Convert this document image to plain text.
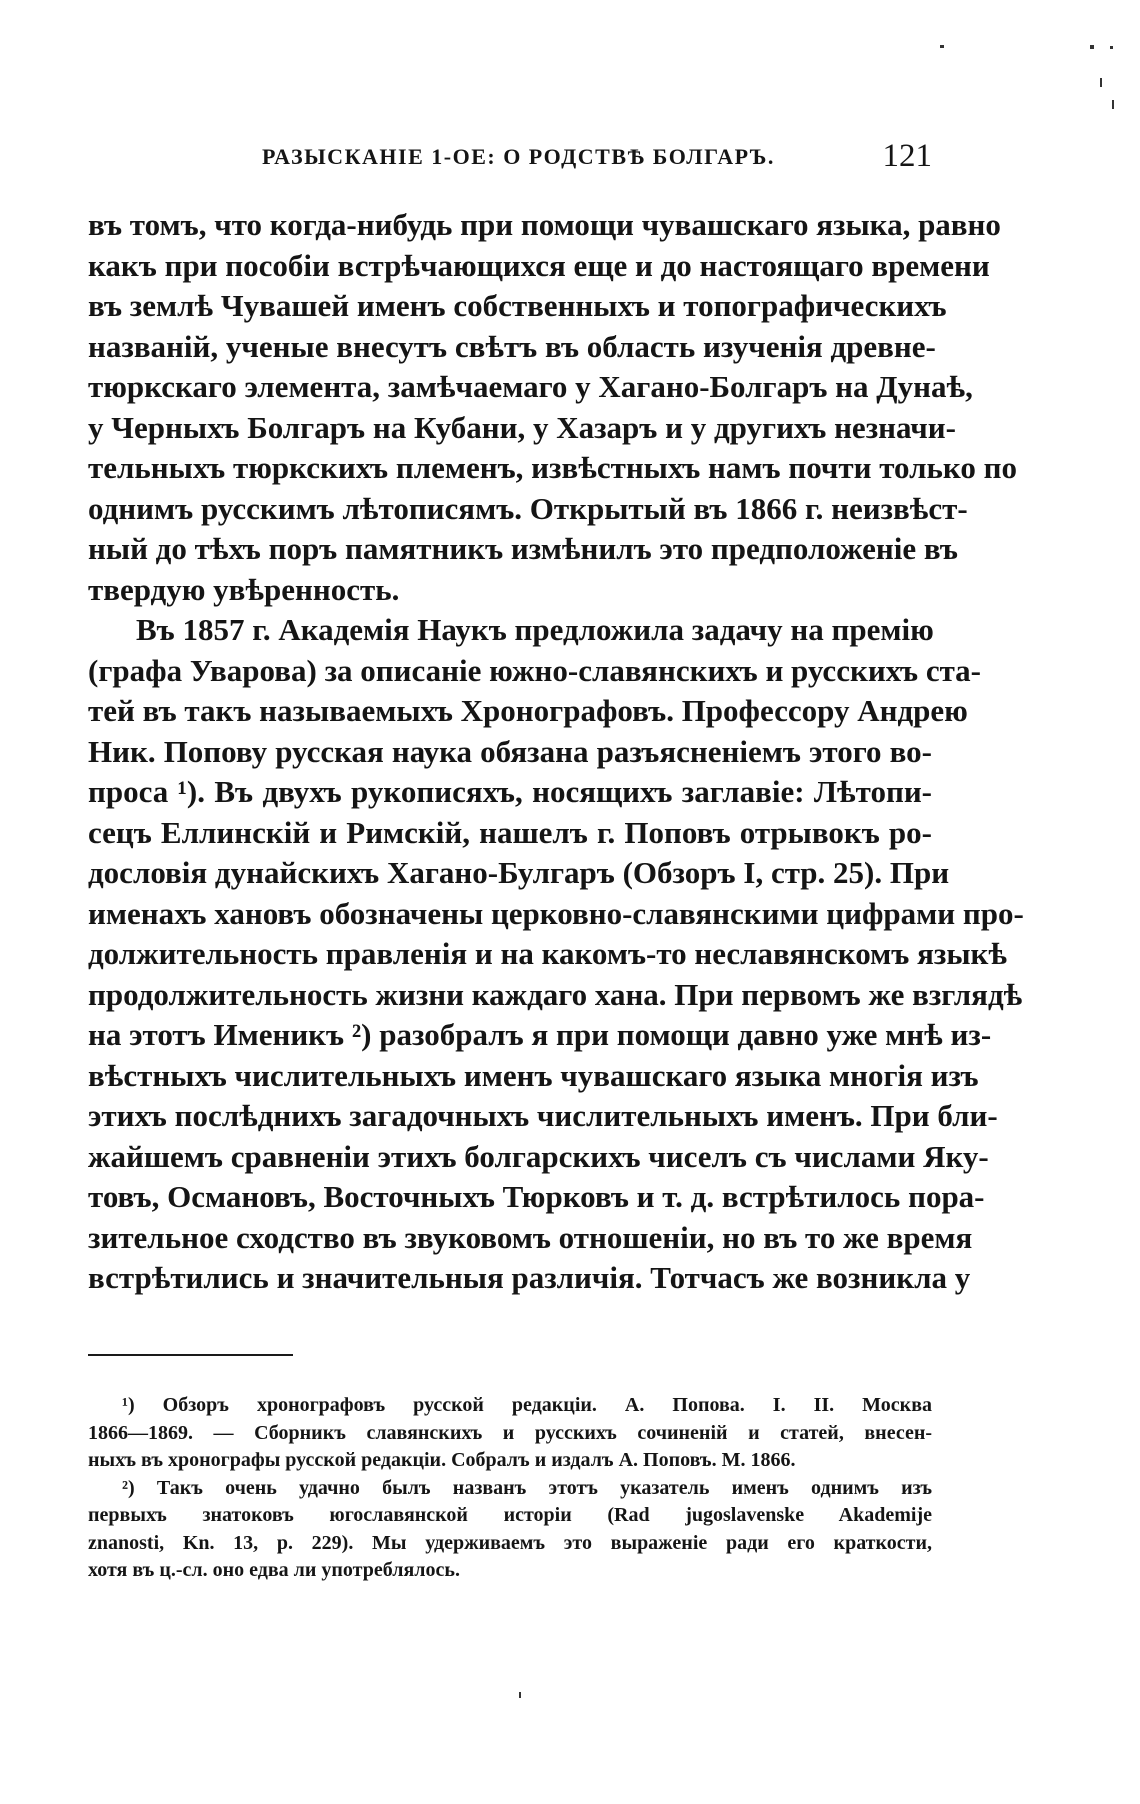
РАЗЫСКАНІЕ 1-ОЕ: О РОДСТВѢ БОЛГАРЪ.	121
въ томъ, что когда-нибудь при помощи чувашскаго языка, равно
какъ при пособіи встрѣчающихся еще и до настоящаго времени
въ землѣ Чувашей именъ собственныхъ и топографическихъ
названій, ученые внесутъ свѣтъ въ область изученія древне-
тюркскаго элемента, замѣчаемаго у Хагано-Болгаръ на Дунаѣ,
у Черныхъ Болгаръ на Кубани, у Хазаръ и у другихъ незначи-
тельныхъ тюркскихъ племенъ, извѣстныхъ намъ почти только по
однимъ русскимъ лѣтописямъ. Открытый въ 1866 г. неизвѣст-
ный до тѣхъ поръ памятникъ измѣнилъ это предположеніе въ
твердую увѣренность.
Въ 1857 г. Академія Наукъ предложила задачу на премію
(графа Уварова) за описаніе южно-славянскихъ и русскихъ ста-
тей въ такъ называемыхъ Хронографовъ. Профессору Андрею
Ник. Попову русская наука обязана разъясненіемъ этого во-
проса ¹). Въ двухъ рукописяхъ, носящихъ заглавіе: Лѣтопи-
сецъ Еллинскій и Римскій, нашелъ г. Поповъ отрывокъ ро-
дословія дунайскихъ Хагано-Булгаръ (Обзоръ I, стр. 25). При
именахъ хановъ обозначены церковно-славянскими цифрами про-
должительность правленія и на какомъ-то неславянскомъ языкѣ
продолжительность жизни каждаго хана. При первомъ же взглядѣ
на этотъ Именикъ ²) разобралъ я при помощи давно уже мнѣ из-
вѣстныхъ числительныхъ именъ чувашскаго языка многія изъ
этихъ послѣднихъ загадочныхъ числительныхъ именъ. При бли-
жайшемъ сравненіи этихъ болгарскихъ чиселъ съ числами Яку-
товъ, Османовъ, Восточныхъ Тюрковъ и т. д. встрѣтилось пора-
зительное сходство въ звуковомъ отношеніи, но въ то же время
встрѣтились и значительныя различія. Тотчасъ же возникла у
¹) Обзоръ хронографовъ русской редакціи. А. Попова. I. II. Москва
1866—1869. — Сборникъ славянскихъ и русскихъ сочиненій и статей, внесен-
ныхъ въ хронографы русской редакціи. Собралъ и издалъ А. Поповъ. М. 1866.
²) Такъ очень удачно былъ названъ этотъ указатель именъ однимъ изъ
первыхъ знатоковъ югославянской исторіи (Rad jugoslavenske Akademije
znanosti, Kn. 13, p. 229). Мы удерживаемъ это выраженіе ради его краткости,
хотя въ ц.-сл. оно едва ли употреблялось.
